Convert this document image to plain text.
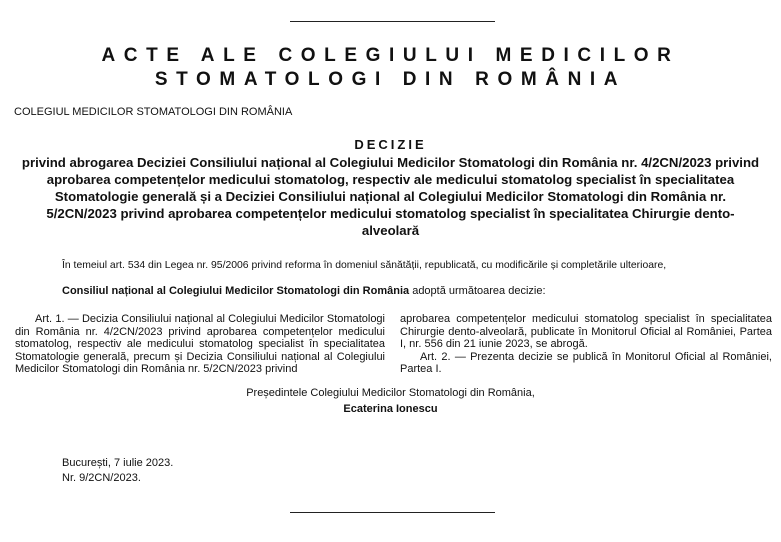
ACTE ALE COLEGIULUI MEDICILOR
STOMATOLOGI DIN ROMÂNIA
COLEGIUL MEDICILOR STOMATOLOGI DIN ROMÂNIA
DECIZIE
privind abrogarea Deciziei Consiliului național al Colegiului Medicilor Stomatologi din România nr. 4/2CN/2023 privind aprobarea competențelor medicului stomatolog, respectiv ale medicului stomatolog specialist în specialitatea Stomatologie generală și a Deciziei Consiliului național al Colegiului Medicilor Stomatologi din România nr. 5/2CN/2023 privind aprobarea competențelor medicului stomatolog specialist în specialitatea Chirurgie dento-alveolară
În temeiul art. 534 din Legea nr. 95/2006 privind reforma în domeniul sănătății, republicată, cu modificările și completările ulterioare,
Consiliul național al Colegiului Medicilor Stomatologi din România adoptă următoarea decizie:

Art. 1. — Decizia Consiliului național al Colegiului Medicilor Stomatologi din România nr. 4/2CN/2023 privind aprobarea competențelor medicului stomatolog, respectiv ale medicului stomatolog specialist în specialitatea Stomatologie generală, precum și Decizia Consiliului național al Colegiului Medicilor Stomatologi din România nr. 5/2CN/2023 privind

aprobarea competențelor medicului stomatolog specialist în specialitatea Chirurgie dento-alveolară, publicate în Monitorul Oficial al României, Partea I, nr. 556 din 21 iunie 2023, se abrogă.

Art. 2. — Prezenta decizie se publică în Monitorul Oficial al României, Partea I.

Președintele Colegiului Medicilor Stomatologi din România,
Ecaterina Ionescu
București, 7 iulie 2023.
Nr. 9/2CN/2023.
